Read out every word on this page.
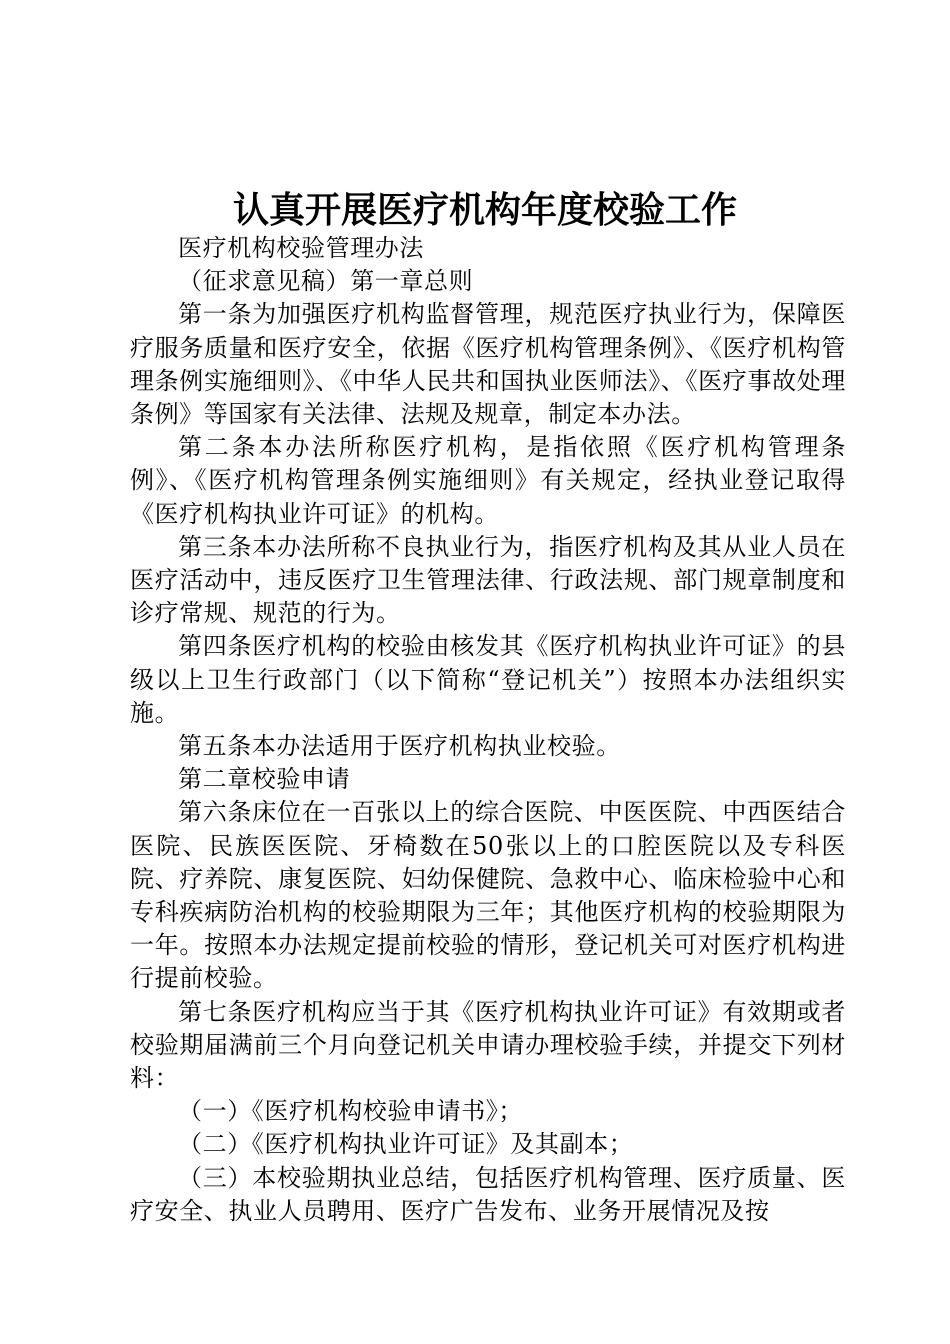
认真开展医疗机构年度校验工作

医疗机构校验管理办法

（征求意见稿）第一章总则

第一条为加强医疗机构监督管理，规范医疗执业行为，保障医疗服务质量和医疗安全，依据《医疗机构管理条例》、《医疗机构管理条例实施细则》、《中华人民共和国执业医师法》、《医疗事故处理条例》等国家有关法律、法规及规章，制定本办法。

第二条本办法所称医疗机构，是指依照《医疗机构管理条例》、《医疗机构管理条例实施细则》有关规定，经执业登记取得《医疗机构执业许可证》的机构。

第三条本办法所称不良执业行为，指医疗机构及其从业人员在医疗活动中，违反医疗卫生管理法律、行政法规、部门规章制度和诊疗常规、规范的行为。

第四条医疗机构的校验由核发其《医疗机构执业许可证》的县级以上卫生行政部门（以下简称“登记机关”）按照本办法组织实施。

第五条本办法适用于医疗机构执业校验。

第二章校验申请

第六条床位在一百张以上的综合医院、中医医院、中西医结合医院、民族医医院、牙椅数在50张以上的口腔医院以及专科医院、疗养院、康复医院、妇幼保健院、急救中心、临床检验中心和专科疾病防治机构的校验期限为三年；其他医疗机构的校验期限为一年。按照本办法规定提前校验的情形，登记机关可对医疗机构进行提前校验。

第七条医疗机构应当于其《医疗机构执业许可证》有效期或者校验期届满前三个月向登记机关申请办理校验手续，并提交下列材料：

（一）《医疗机构校验申请书》；

（二）《医疗机构执业许可证》及其副本；

（三）本校验期执业总结，包括医疗机构管理、医疗质量、医疗安全、执业人员聘用、医疗广告发布、业务开展情况及按
